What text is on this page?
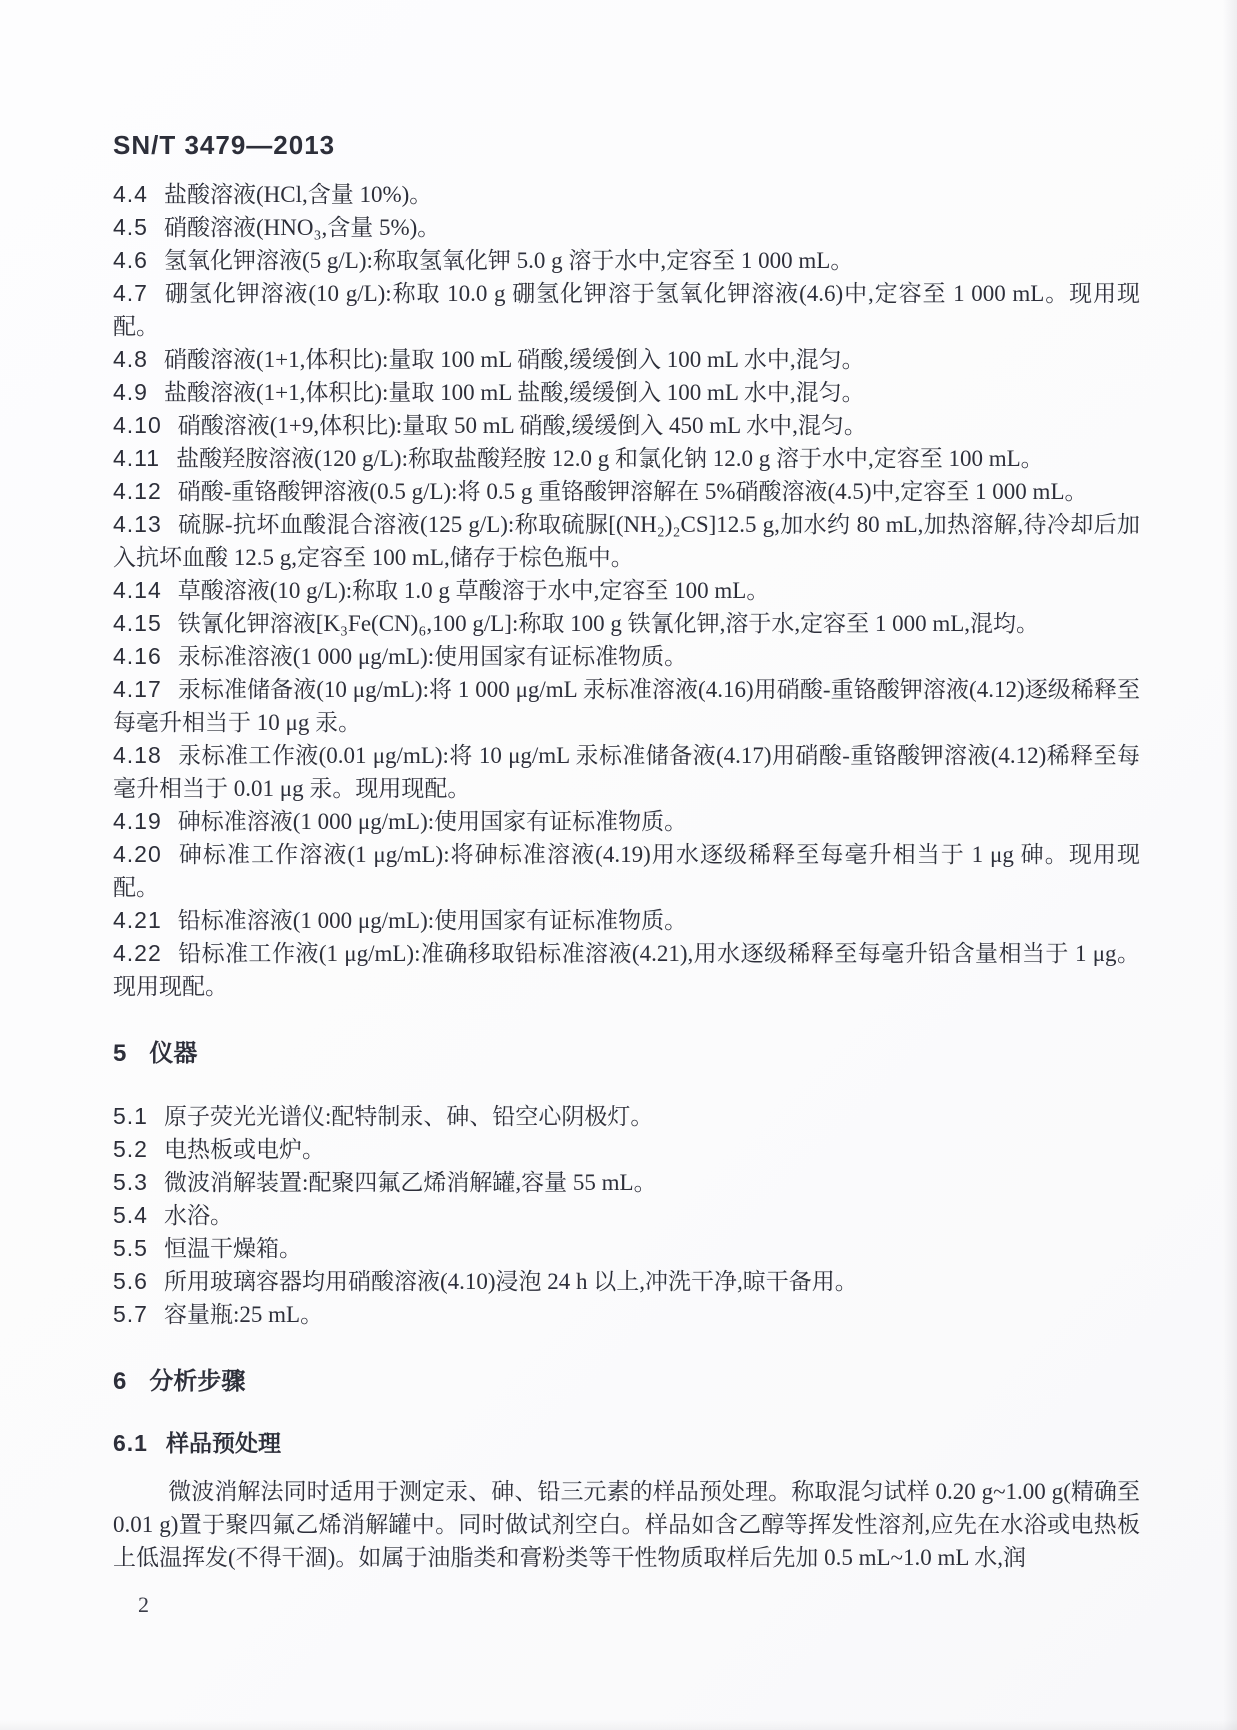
SN/T 3479—2013

4.4 盐酸溶液(HCl,含量 10%)。

4.5 硝酸溶液(HNO₃,含量 5%)。

4.6 氢氧化钾溶液(5 g/L):称取氢氧化钾 5.0 g 溶于水中,定容至 1 000 mL。

4.7 硼氢化钾溶液(10 g/L):称取 10.0 g 硼氢化钾溶于氢氧化钾溶液(4.6)中,定容至 1 000 mL。现用现配。

4.8 硝酸溶液(1+1,体积比):量取 100 mL 硝酸,缓缓倒入 100 mL 水中,混匀。

4.9 盐酸溶液(1+1,体积比):量取 100 mL 盐酸,缓缓倒入 100 mL 水中,混匀。

4.10 硝酸溶液(1+9,体积比):量取 50 mL 硝酸,缓缓倒入 450 mL 水中,混匀。

4.11 盐酸羟胺溶液(120 g/L):称取盐酸羟胺 12.0 g 和氯化钠 12.0 g 溶于水中,定容至 100 mL。

4.12 硝酸-重铬酸钾溶液(0.5 g/L):将 0.5 g 重铬酸钾溶解在 5%硝酸溶液(4.5)中,定容至 1 000 mL。

4.13 硫脲-抗坏血酸混合溶液(125 g/L):称取硫脲[(NH₂)₂CS]12.5 g,加水约 80 mL,加热溶解,待冷却后加入抗坏血酸 12.5 g,定容至 100 mL,储存于棕色瓶中。

4.14 草酸溶液(10 g/L):称取 1.0 g 草酸溶于水中,定容至 100 mL。

4.15 铁氰化钾溶液[K₃Fe(CN)₆,100 g/L]:称取 100 g 铁氰化钾,溶于水,定容至 1 000 mL,混均。

4.16 汞标准溶液(1 000 μg/mL):使用国家有证标准物质。

4.17 汞标准储备液(10 μg/mL):将 1 000 μg/mL 汞标准溶液(4.16)用硝酸-重铬酸钾溶液(4.12)逐级稀释至每毫升相当于 10 μg 汞。

4.18 汞标准工作液(0.01 μg/mL):将 10 μg/mL 汞标准储备液(4.17)用硝酸-重铬酸钾溶液(4.12)稀释至每毫升相当于 0.01 μg 汞。现用现配。

4.19 砷标准溶液(1 000 μg/mL):使用国家有证标准物质。

4.20 砷标准工作溶液(1 μg/mL):将砷标准溶液(4.19)用水逐级稀释至每毫升相当于 1 μg 砷。现用现配。

4.21 铅标准溶液(1 000 μg/mL):使用国家有证标准物质。

4.22 铅标准工作液(1 μg/mL):准确移取铅标准溶液(4.21),用水逐级稀释至每毫升铅含量相当于 1 μg。现用现配。

5 仪器

5.1 原子荧光光谱仪:配特制汞、砷、铅空心阴极灯。

5.2 电热板或电炉。

5.3 微波消解装置:配聚四氟乙烯消解罐,容量 55 mL。

5.4 水浴。

5.5 恒温干燥箱。

5.6 所用玻璃容器均用硝酸溶液(4.10)浸泡 24 h 以上,冲洗干净,晾干备用。

5.7 容量瓶:25 mL。

6 分析步骤
6.1 样品预处理

微波消解法同时适用于测定汞、砷、铅三元素的样品预处理。称取混匀试样 0.20 g~1.00 g(精确至 0.01 g)置于聚四氟乙烯消解罐中。同时做试剂空白。样品如含乙醇等挥发性溶剂,应先在水浴或电热板上低温挥发(不得干涸)。如属于油脂类和膏粉类等干性物质取样后先加 0.5 mL~1.0 mL 水,润

2
